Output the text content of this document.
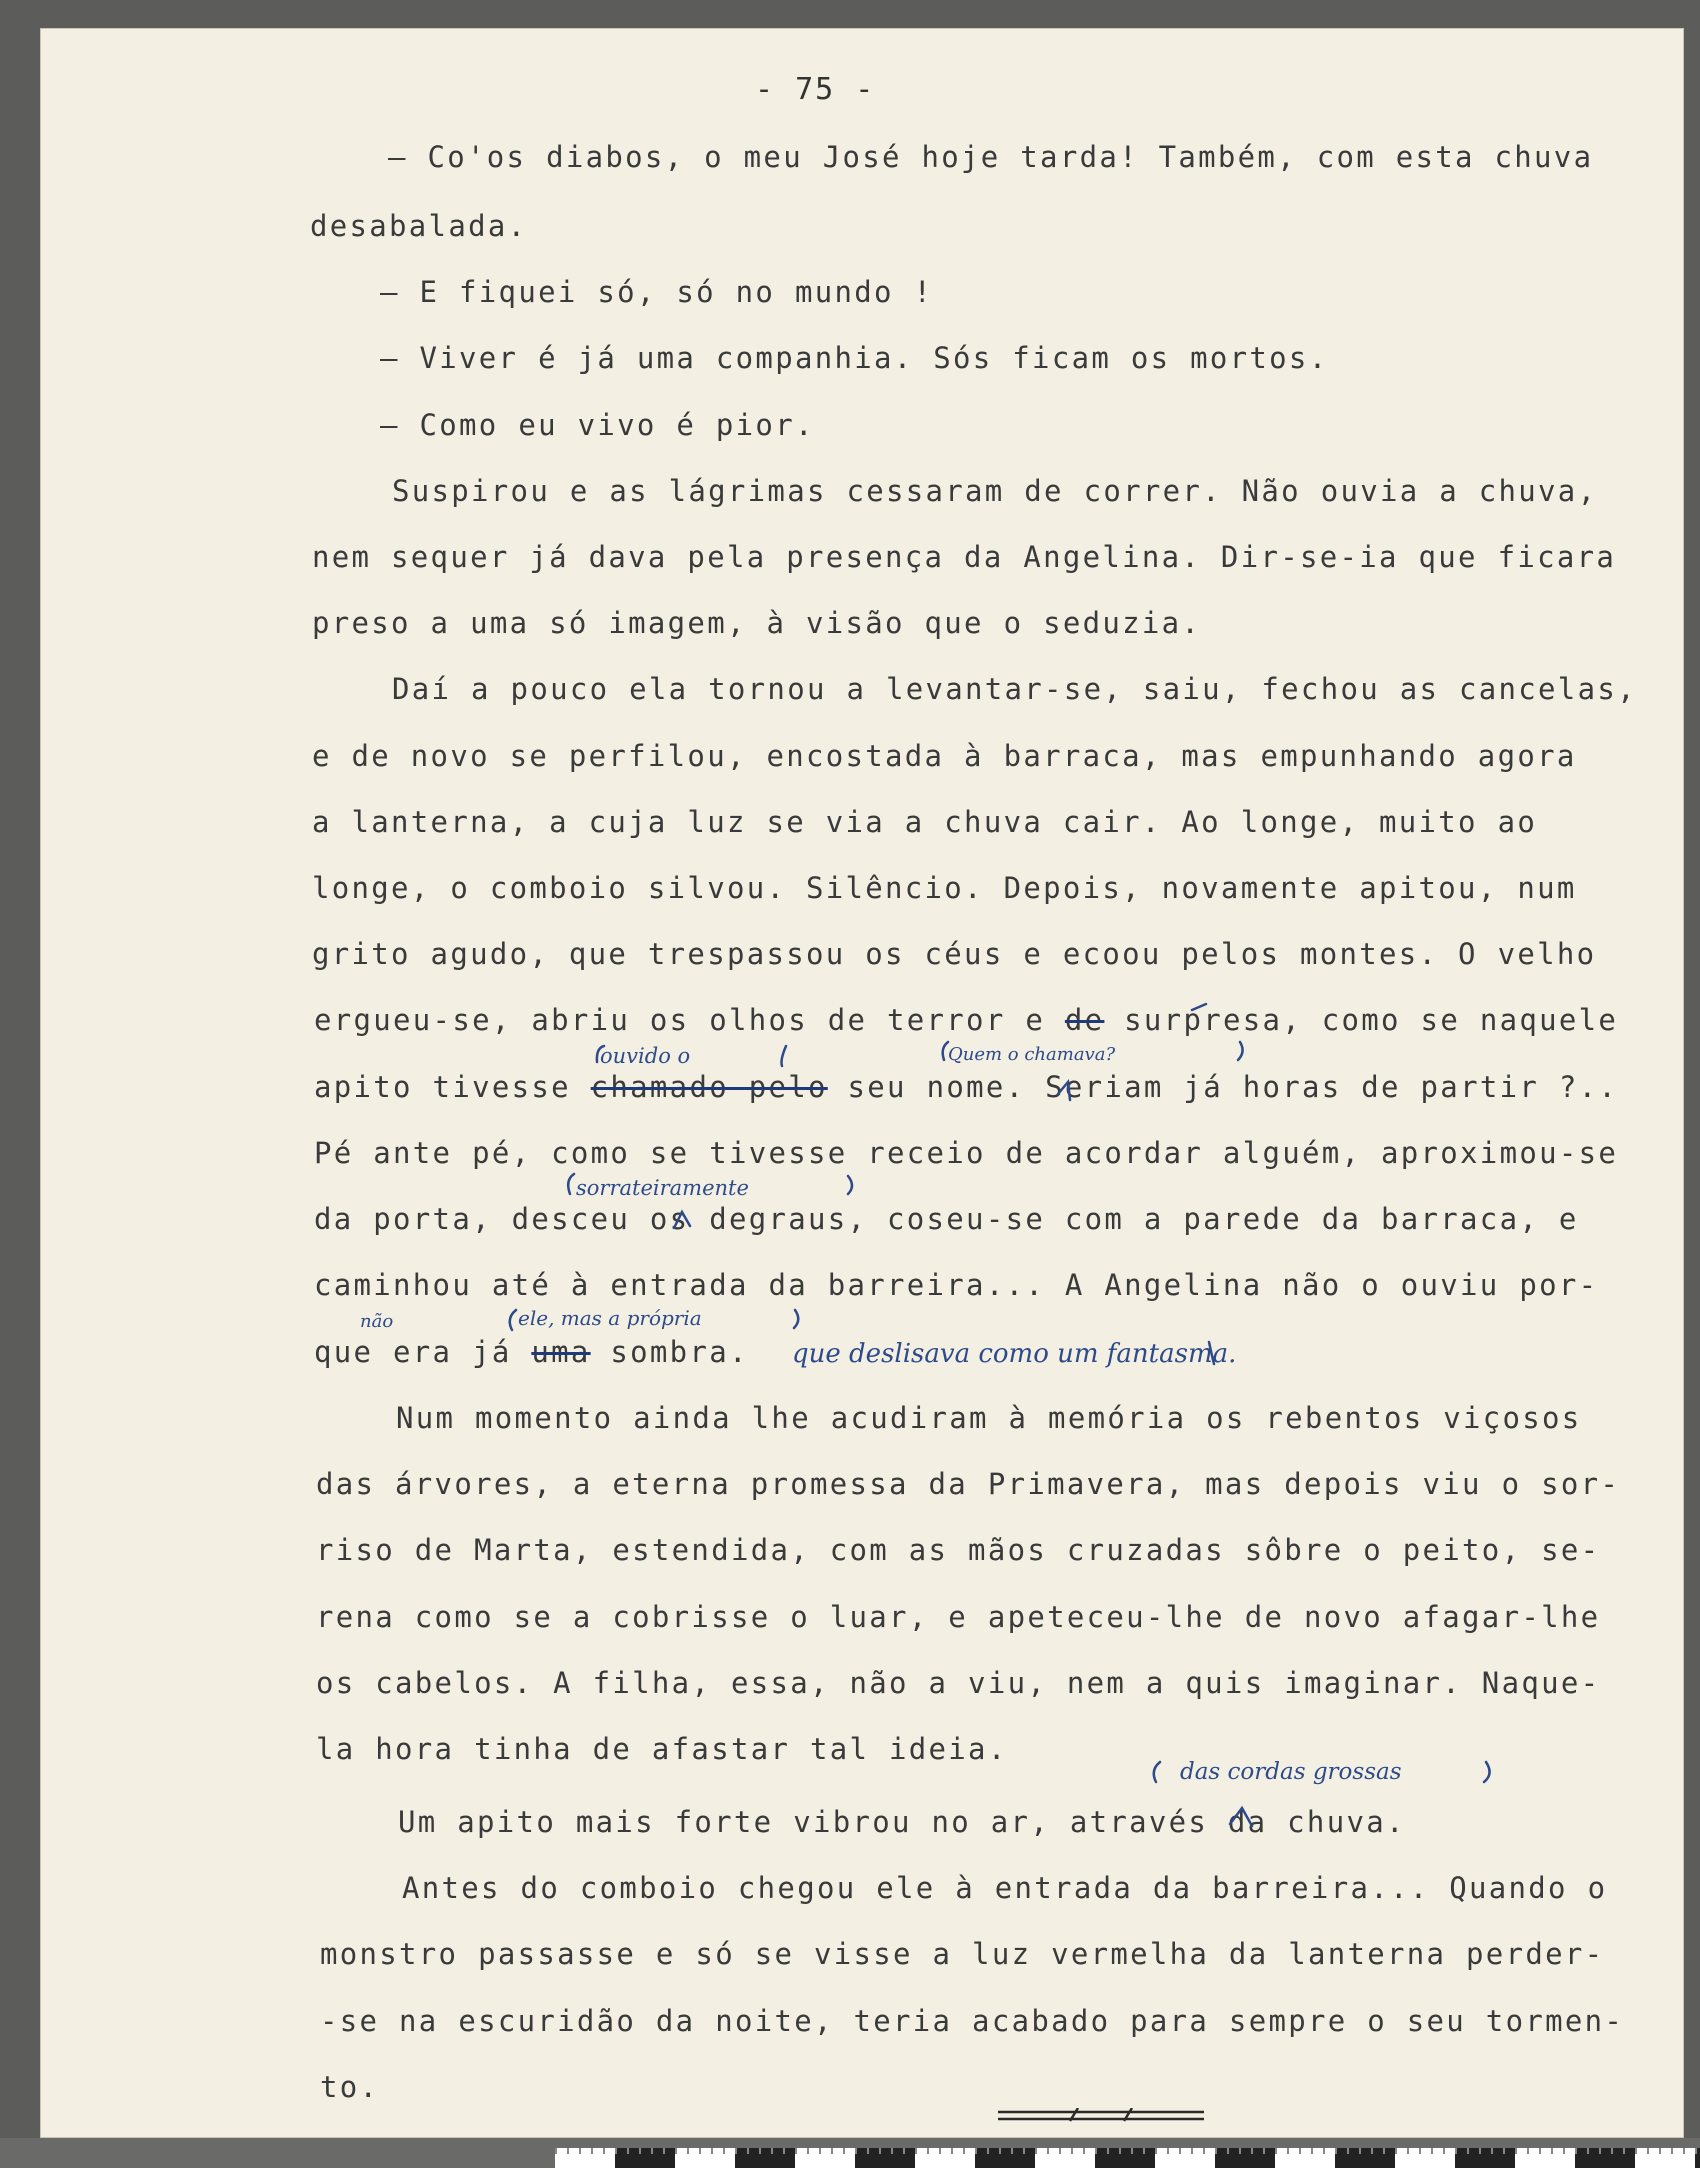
- 75 -
— Co'os diabos, o meu José hoje tarda! Também, com esta chuva
desabalada.
— E fiquei só, só no mundo !
— Viver é já uma companhia. Sós ficam os mortos.
— Como eu vivo é pior.
Suspirou e as lágrimas cessaram de correr. Não ouvia a chuva,
nem sequer já dava pela presença da Angelina. Dir-se-ia que ficara
preso a uma só imagem, à visão que o seduzia.
Daí a pouco ela tornou a levantar-se, saiu, fechou as cancelas,
e de novo se perfilou, encostada à barraca, mas empunhando agora
a lanterna, a cuja luz se via a chuva cair. Ao longe, muito ao
longe, o comboio silvou. Silêncio. Depois, novamente apitou, num
grito agudo, que trespassou os céus e ecoou pelos montes. O velho
ergueu-se, abriu os olhos de terror e de surpresa, como se naquele
apito tivesse chamado pelo seu nome. Seriam já horas de partir ?..
Pé ante pé, como se tivesse receio de acordar alguém, aproximou-se
da porta, desceu os degraus, coseu-se com a parede da barraca, e
caminhou até à entrada da barreira... A Angelina não o ouviu por-
que era já uma sombra.
Num momento ainda lhe acudiram à memória os rebentos viçosos
das árvores, a eterna promessa da Primavera, mas depois viu o sor-
riso de Marta, estendida, com as mãos cruzadas sôbre o peito, se-
rena como se a cobrisse o luar, e apeteceu-lhe de novo afagar-lhe
os cabelos. A filha, essa, não a viu, nem a quis imaginar. Naque-
la hora tinha de afastar tal ideia.
Um apito mais forte vibrou no ar, através da chuva.
Antes do comboio chegou ele à entrada da barreira... Quando o
monstro passasse e só se visse a luz vermelha da lanterna perder-
-se na escuridão da noite, teria acabado para sempre o seu tormen-
to.
ouvido o	Quem o chamava?
sorrateiramente
não	ele, mas a própria
que deslisava como um fantasma.
das cordas grossas
